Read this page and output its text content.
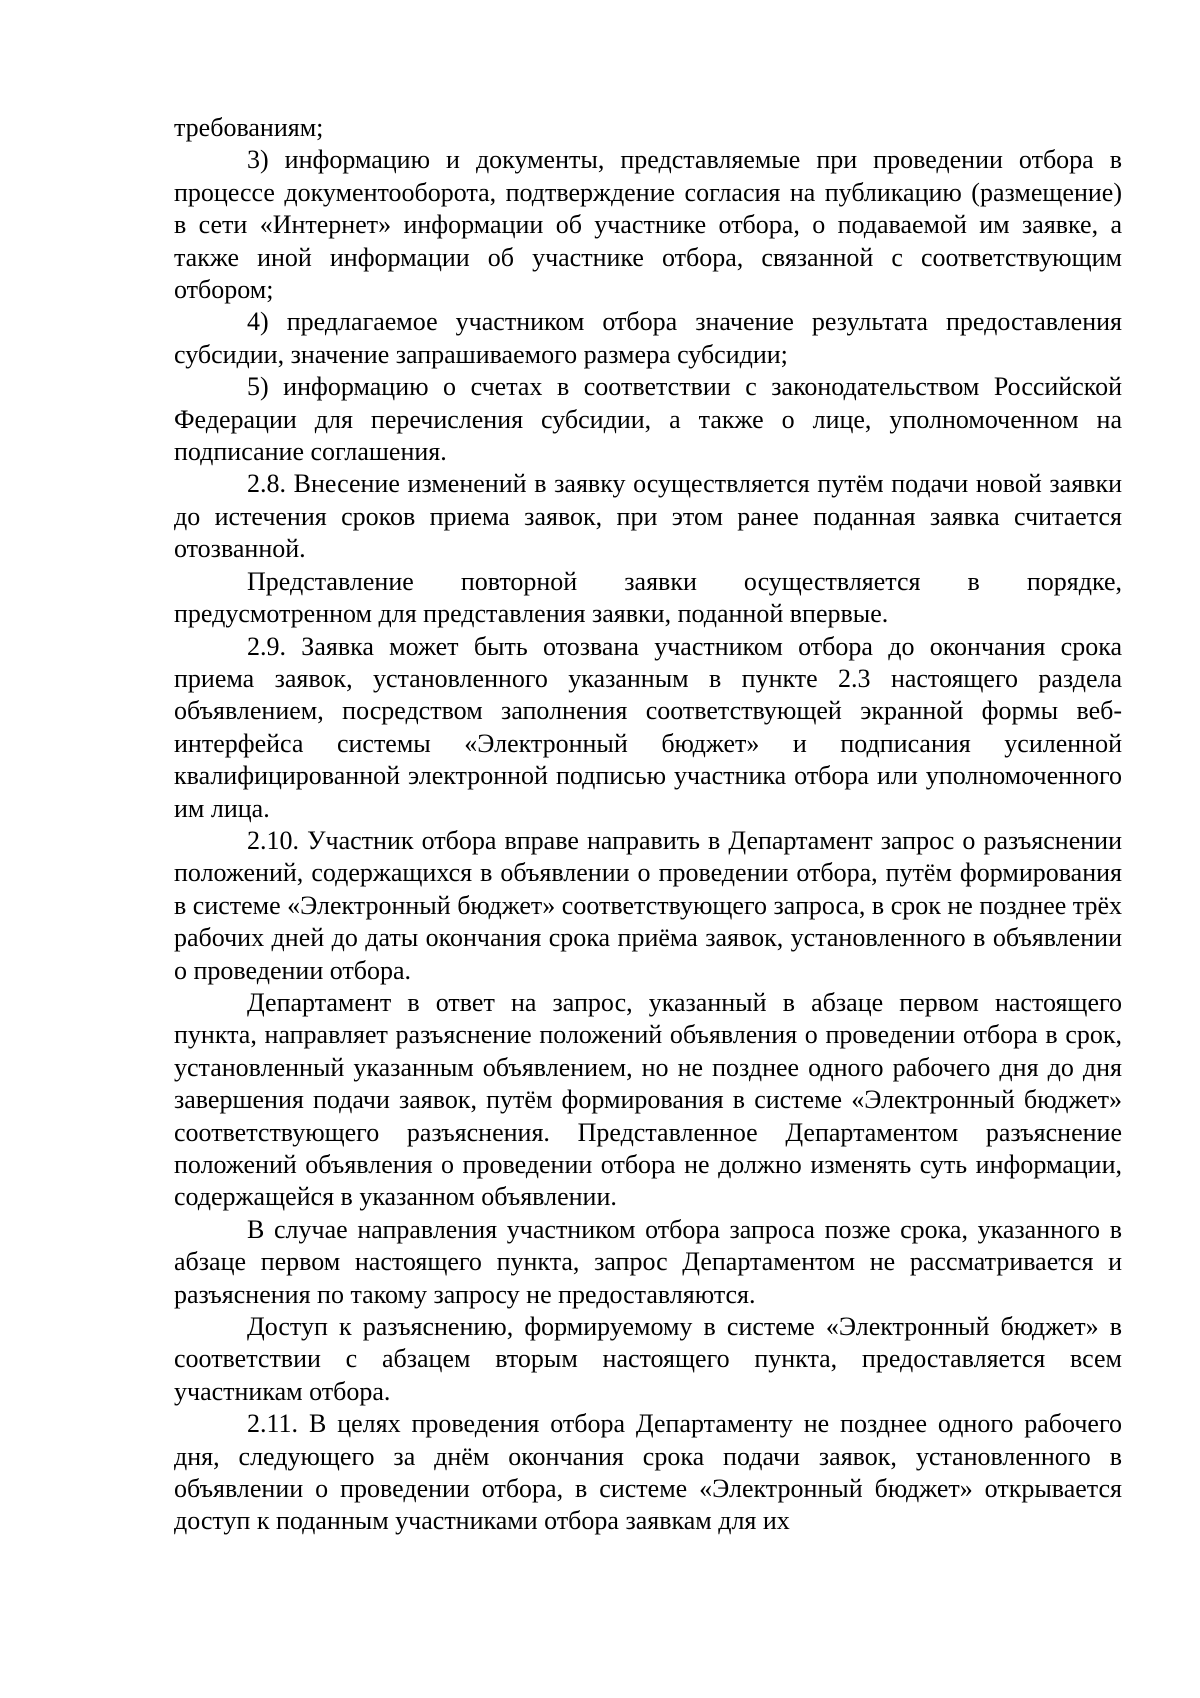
требованиям;

3) информацию и документы, представляемые при проведении отбора в процессе документооборота, подтверждение согласия на публикацию (размещение) в сети «Интернет» информации об участнике отбора, о подаваемой им заявке, а также иной информации об участнике отбора, связанной с соответствующим отбором;

4) предлагаемое участником отбора значение результата предоставления субсидии, значение запрашиваемого размера субсидии;

5) информацию о счетах в соответствии с законодательством Российской Федерации для перечисления субсидии, а также о лице, уполномоченном на подписание соглашения.

2.8. Внесение изменений в заявку осуществляется путём подачи новой заявки до истечения сроков приема заявок, при этом ранее поданная заявка считается отозванной.

Представление повторной заявки осуществляется в порядке, предусмотренном для представления заявки, поданной впервые.

2.9. Заявка может быть отозвана участником отбора до окончания срока приема заявок, установленного указанным в пункте 2.3 настоящего раздела объявлением, посредством заполнения соответствующей экранной формы веб-интерфейса системы «Электронный бюджет» и подписания усиленной квалифицированной электронной подписью участника отбора или уполномоченного им лица.

2.10. Участник отбора вправе направить в Департамент запрос о разъяснении положений, содержащихся в объявлении о проведении отбора, путём формирования в системе «Электронный бюджет» соответствующего запроса, в срок не позднее трёх рабочих дней до даты окончания срока приёма заявок, установленного в объявлении о проведении отбора.

Департамент в ответ на запрос, указанный в абзаце первом настоящего пункта, направляет разъяснение положений объявления о проведении отбора в срок, установленный указанным объявлением, но не позднее одного рабочего дня до дня завершения подачи заявок, путём формирования в системе «Электронный бюджет» соответствующего разъяснения. Представленное Департаментом разъяснение положений объявления о проведении отбора не должно изменять суть информации, содержащейся в указанном объявлении.

В случае направления участником отбора запроса позже срока, указанного в абзаце первом настоящего пункта, запрос Департаментом не рассматривается и разъяснения по такому запросу не предоставляются.

Доступ к разъяснению, формируемому в системе «Электронный бюджет» в соответствии с абзацем вторым настоящего пункта, предоставляется всем участникам отбора.

2.11. В целях проведения отбора Департаменту не позднее одного рабочего дня, следующего за днём окончания срока подачи заявок, установленного в объявлении о проведении отбора, в системе «Электронный бюджет» открывается доступ к поданным участниками отбора заявкам для их
